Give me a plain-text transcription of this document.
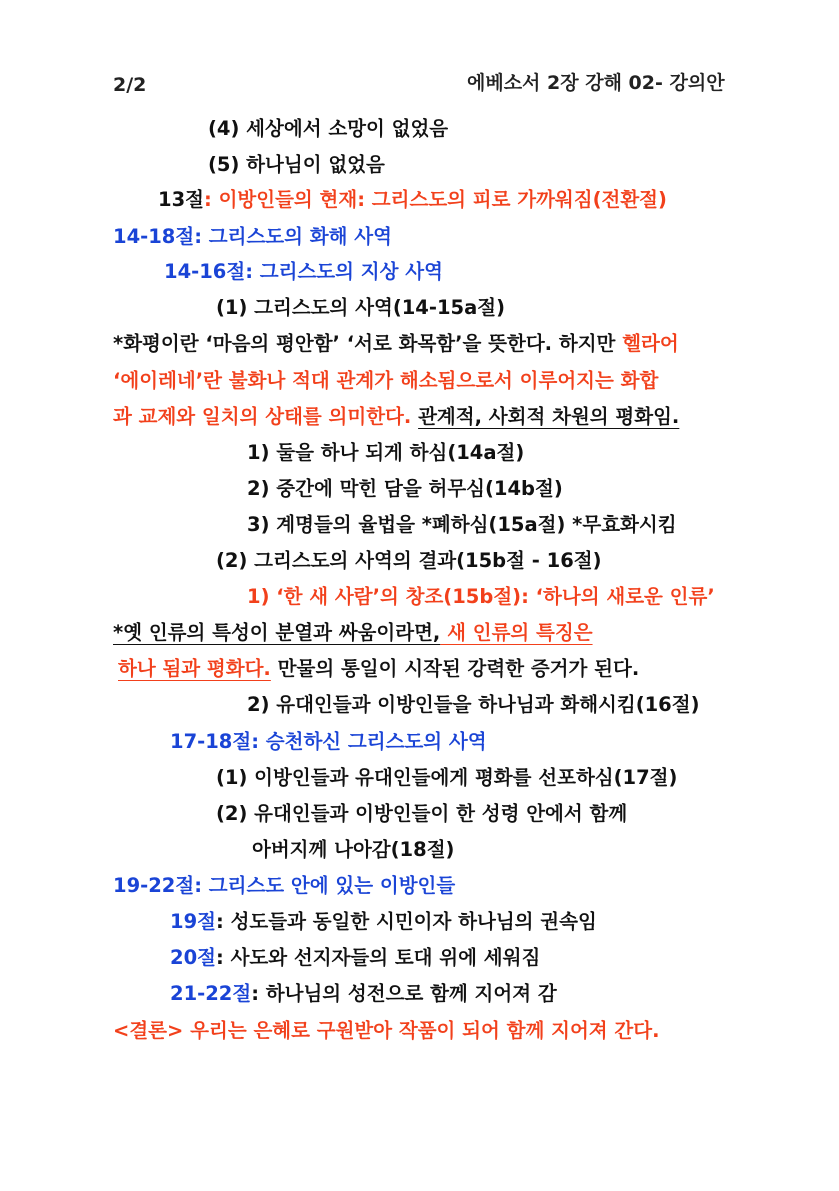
2/2	에베소서 2장 강해 02- 강의안
(4) 세상에서 소망이 없었음
(5) 하나님이 없었음
13절: 이방인들의 현재: 그리스도의 피로 가까워짐(전환절)
14-18절: 그리스도의 화해 사역
14-16절: 그리스도의 지상 사역
(1) 그리스도의 사역(14-15a절)
*화평이란 ‘마음의 평안함’ ‘서로 화목함’을 뜻한다. 하지만 헬라어
‘에이레네’란 불화나 적대 관계가 해소됨으로서 이루어지는 화합
과 교제와 일치의 상태를 의미한다. 관계적, 사회적 차원의 평화임.
1) 둘을 하나 되게 하심(14a절)
2) 중간에 막힌 담을 허무심(14b절)
3) 계명들의 율법을 *폐하심(15a절) *무효화시킴
(2) 그리스도의 사역의 결과(15b절 - 16절)
1) ‘한 새 사람’의 창조(15b절): ‘하나의 새로운 인류’
*옛 인류의 특성이 분열과 싸움이라면, 새 인류의 특징은
하나 됨과 평화다. 만물의 통일이 시작된 강력한 증거가 된다.
2) 유대인들과 이방인들을 하나님과 화해시킴(16절)
17-18절: 승천하신 그리스도의 사역
(1) 이방인들과 유대인들에게 평화를 선포하심(17절)
(2) 유대인들과 이방인들이 한 성령 안에서 함께
아버지께 나아감(18절)
19-22절: 그리스도 안에 있는 이방인들
19절: 성도들과 동일한 시민이자 하나님의 권속임
20절: 사도와 선지자들의 토대 위에 세워짐
21-22절: 하나님의 성전으로 함께 지어져 감
<결론> 우리는 은혜로 구원받아 작품이 되어 함께 지어져 간다.
